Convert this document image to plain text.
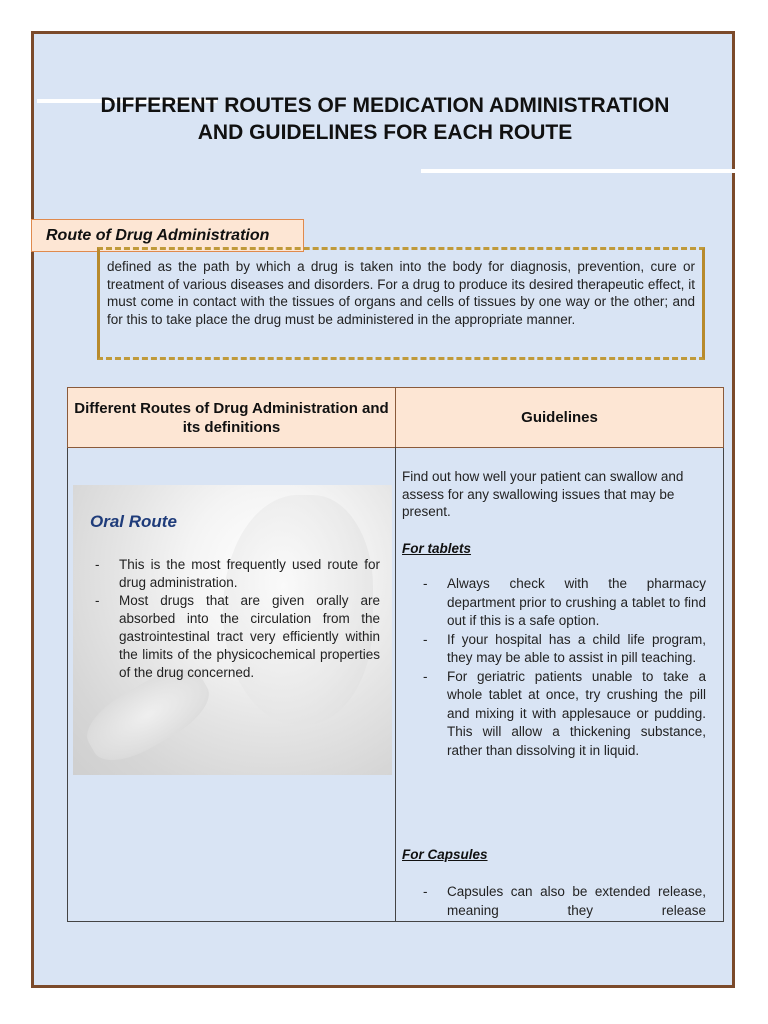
DIFFERENT ROUTES OF MEDICATION ADMINISTRATION AND GUIDELINES FOR EACH ROUTE
Route of Drug Administration

defined as the path by which a drug is taken into the body for diagnosis, prevention, cure or treatment of various diseases and disorders. For a drug to produce its desired therapeutic effect, it must come in contact with the tissues of organs and cells of tissues by one way or the other; and for this to take place the drug must be administered in the appropriate manner.

Different Routes of Drug Administration and its definitions
Guidelines
Oral Route
- This is the most frequently used route for drug administration.
- Most drugs that are given orally are absorbed into the circulation from the gastrointestinal tract very efficiently within the limits of the physicochemical properties of the drug concerned.

Find out how well your patient can swallow and assess for any swallowing issues that may be present.

For tablets
- Always check with the pharmacy department prior to crushing a tablet to find out if this is a safe option.
- If your hospital has a child life program, they may be able to assist in pill teaching.
- For geriatric patients unable to take a whole tablet at once, try crushing the pill and mixing it with applesauce or pudding. This will allow a thickening substance, rather than dissolving it in liquid.
For Capsules
- Capsules can also be extended release, meaning they release
